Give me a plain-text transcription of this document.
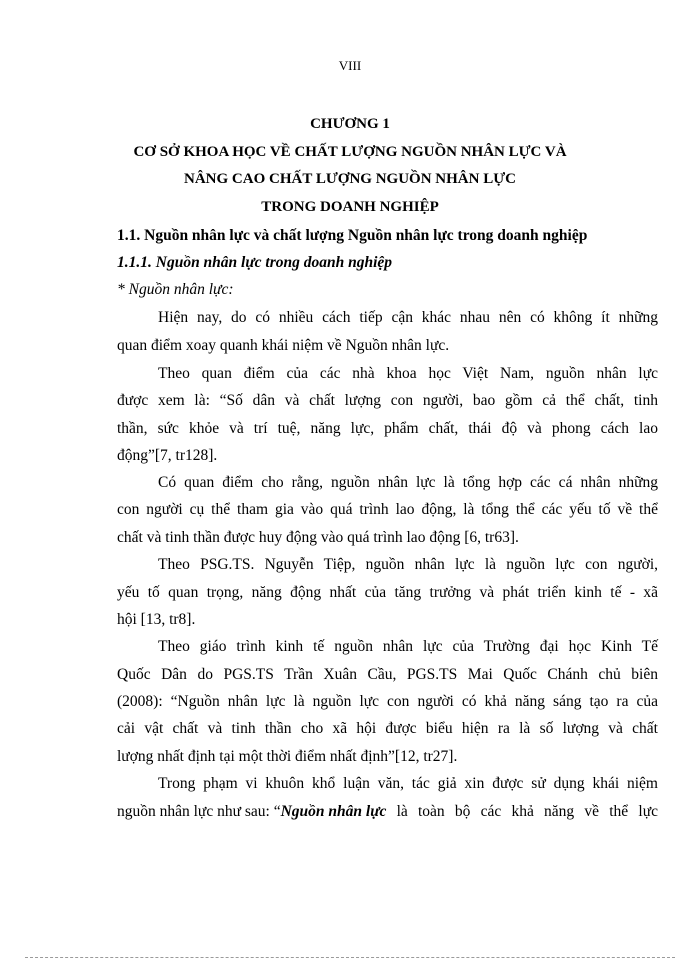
VIII
CHƯƠNG 1
CƠ SỞ KHOA HỌC VỀ CHẤT LƯỢNG NGUỒN NHÂN LỰC VÀ
NÂNG CAO CHẤT LƯỢNG NGUỒN NHÂN LỰC
TRONG DOANH NGHIỆP
1.1. Nguồn nhân lực và chất lượng Nguồn nhân lực trong doanh nghiệp
1.1.1. Nguồn nhân lực trong doanh nghiệp
* Nguồn nhân lực:
Hiện nay, do có nhiều cách tiếp cận khác nhau nên có không ít những
quan điểm xoay quanh khái niệm về Nguồn nhân lực.
Theo quan điểm của các nhà khoa học Việt Nam, nguồn nhân lực
được xem là: “Số dân và chất lượng con người, bao gồm cả thể chất, tinh
thần, sức khỏe và trí tuệ, năng lực, phẩm chất, thái độ và phong cách lao
động”[7, tr128].
Có quan điểm cho rằng, nguồn nhân lực là tổng hợp các cá nhân những
con người cụ thể tham gia vào quá trình lao động, là tổng thể các yếu tố về thể
chất và tinh thần được huy động vào quá trình lao động [6, tr63].
Theo PSG.TS. Nguyễn Tiệp, nguồn nhân lực là nguồn lực con người,
yếu tố quan trọng, năng động nhất của tăng trưởng và phát triển kinh tế - xã
hội [13, tr8].
Theo giáo trình kinh tế nguồn nhân lực của Trường đại học Kinh Tế
Quốc Dân do PGS.TS Trần Xuân Cầu, PGS.TS Mai Quốc Chánh chủ biên
(2008): “Nguồn nhân lực là nguồn lực con người có khả năng sáng tạo ra của
cải vật chất và tinh thần cho xã hội được biểu hiện ra là số lượng và chất
lượng nhất định tại một thời điểm nhất định”[12, tr27].
Trong phạm vi khuôn khổ luận văn, tác giả xin được sử dụng khái niệm
nguồn nhân lực như sau: “ Nguồn nhân lực là toàn bộ các khả năng về thể lực
